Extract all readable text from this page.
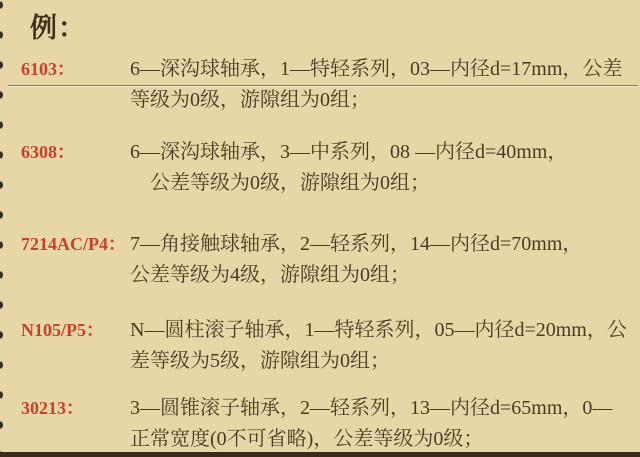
例：
6103：	6—深沟球轴承，1—特轻系列，03—内径d=17mm，公差
等级为0级，游隙组为0组；
6308：	6—深沟球轴承，3—中系列，08 —内径d=40mm，
　公差等级为0级，游隙组为0组；
7214AC/P4： 7—角接触球轴承，2—轻系列，14—内径d=70mm，
公差等级为4级，游隙组为0组；
N105/P5：	N—圆柱滚子轴承，1—特轻系列，05—内径d=20mm，公
差等级为5级，游隙组为0组；
30213：	3—圆锥滚子轴承，2—轻系列，13—内径d=65mm，0—
正常宽度(0不可省略)，公差等级为0级；
